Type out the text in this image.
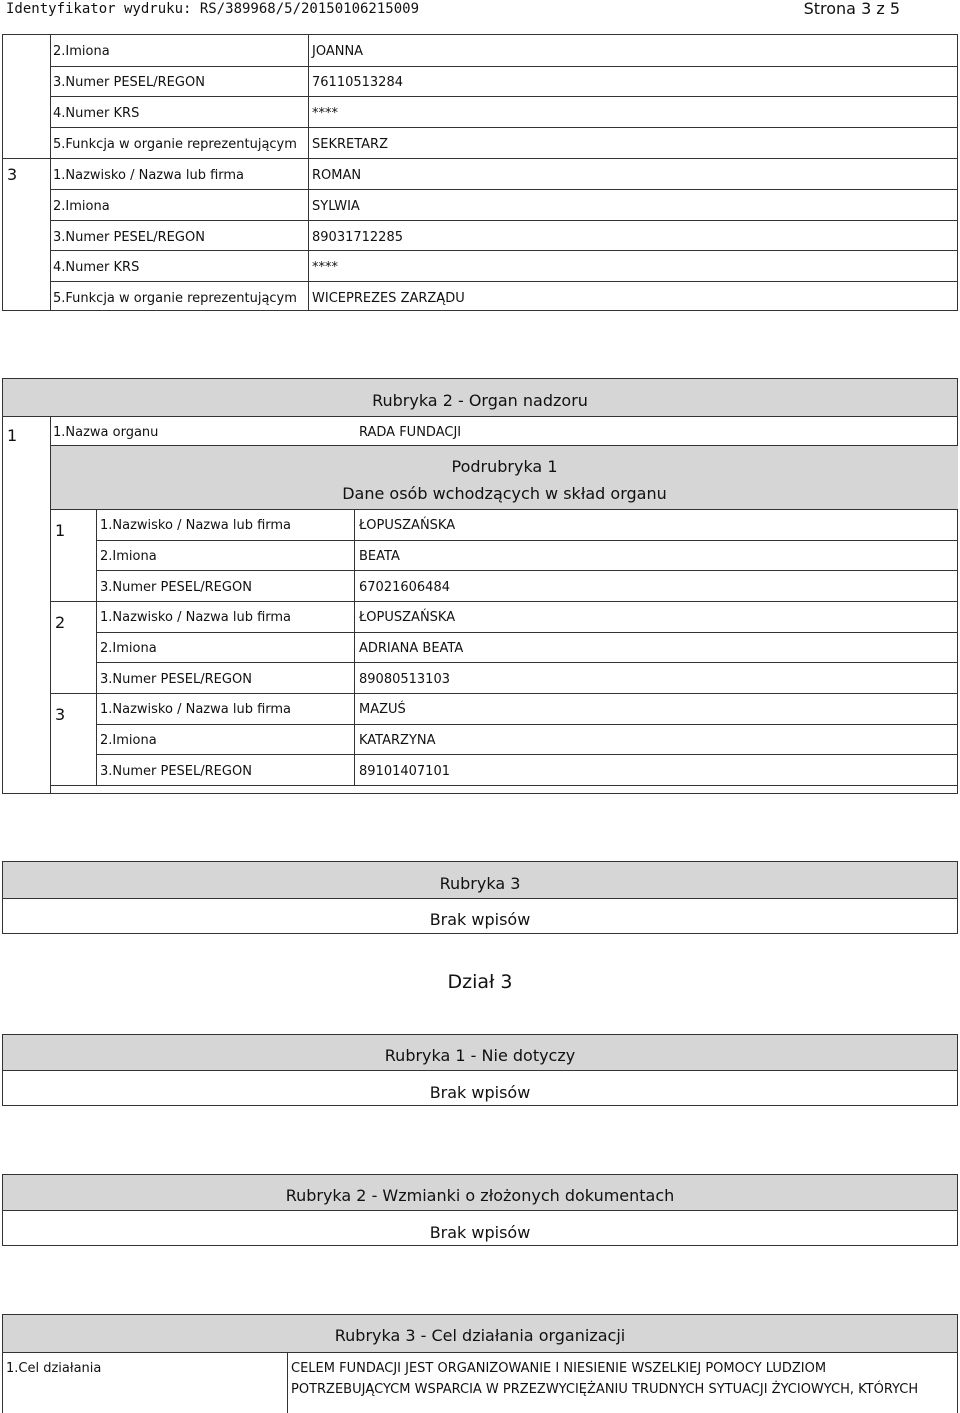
Identyfikator wydruku: RS/389968/5/20150106215009	Strona 3 z 5
2.Imiona	JOANNA
3.Numer PESEL/REGON	76110513284
4.Numer KRS	****
5.Funkcja w organie reprezentującym SEKRETARZ
3	1.Nazwisko / Nazwa lub firma	ROMAN
2.Imiona	SYLWIA
3.Numer PESEL/REGON	89031712285
4.Numer KRS	****
5.Funkcja w organie reprezentującym WICEPREZES ZARZĄDU
Rubryka 2 - Organ nadzoru
1	1.Nazwa organu	RADA FUNDACJI
Podrubryka 1
Dane osób wchodzących w skład organu
1	1.Nazwisko / Nazwa lub firma	ŁOPUSZAŃSKA
2.Imiona	BEATA
3.Numer PESEL/REGON	67021606484
2	1.Nazwisko / Nazwa lub firma	ŁOPUSZAŃSKA
2.Imiona	ADRIANA BEATA
3.Numer PESEL/REGON	89080513103
3	1.Nazwisko / Nazwa lub firma	MAZUŚ
2.Imiona	KATARZYNA
3.Numer PESEL/REGON	89101407101
Rubryka 3
Brak wpisów
Dział 3
Rubryka 1 - Nie dotyczy
Brak wpisów
Rubryka 2 - Wzmianki o złożonych dokumentach
Brak wpisów
Rubryka 3 - Cel działania organizacji
1.Cel działania	CELEM FUNDACJI JEST ORGANIZOWANIE I NIESIENIE WSZELKIEJ POMOCY LUDZIOM
POTRZEBUJĄCYCM WSPARCIA W PRZEZWYCIĘŻANIU TRUDNYCH SYTUACJI ŻYCIOWYCH, KTÓRYCH
